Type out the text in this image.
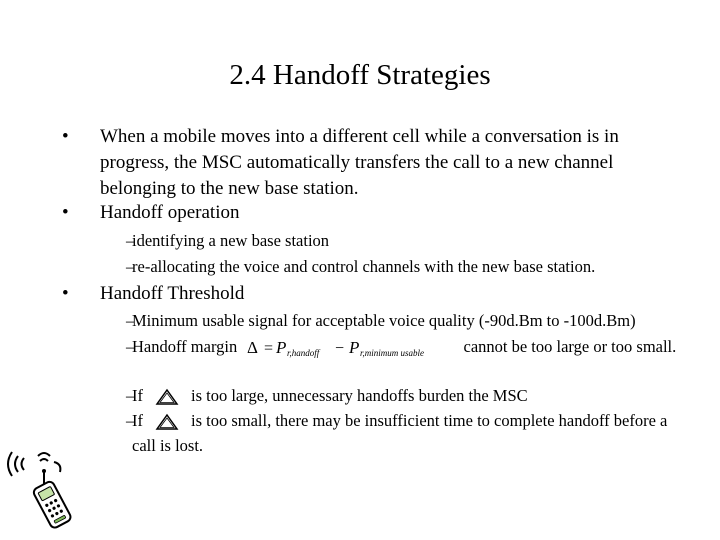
2.4 Handoff Strategies
•	When a mobile moves into a different cell while a conversation is in progress, the MSC automatically transfers the call to a new channel belonging to the new base station.
•	Handoff operation
–
identifying a new base station
–
re-allocating the voice and control channels with the new base station.
•	Handoff Threshold
–
Minimum usable signal for acceptable voice quality (-90d.Bm to -100d.Bm)
–
Handoff margin Δ = P r,handoff − P r,minimum usable cannot be too large or too small.
–
If	is too large, unnecessary handoffs burden the MSC
–
If	is too small, there may be insufficient time to complete handoff before a call is lost.
